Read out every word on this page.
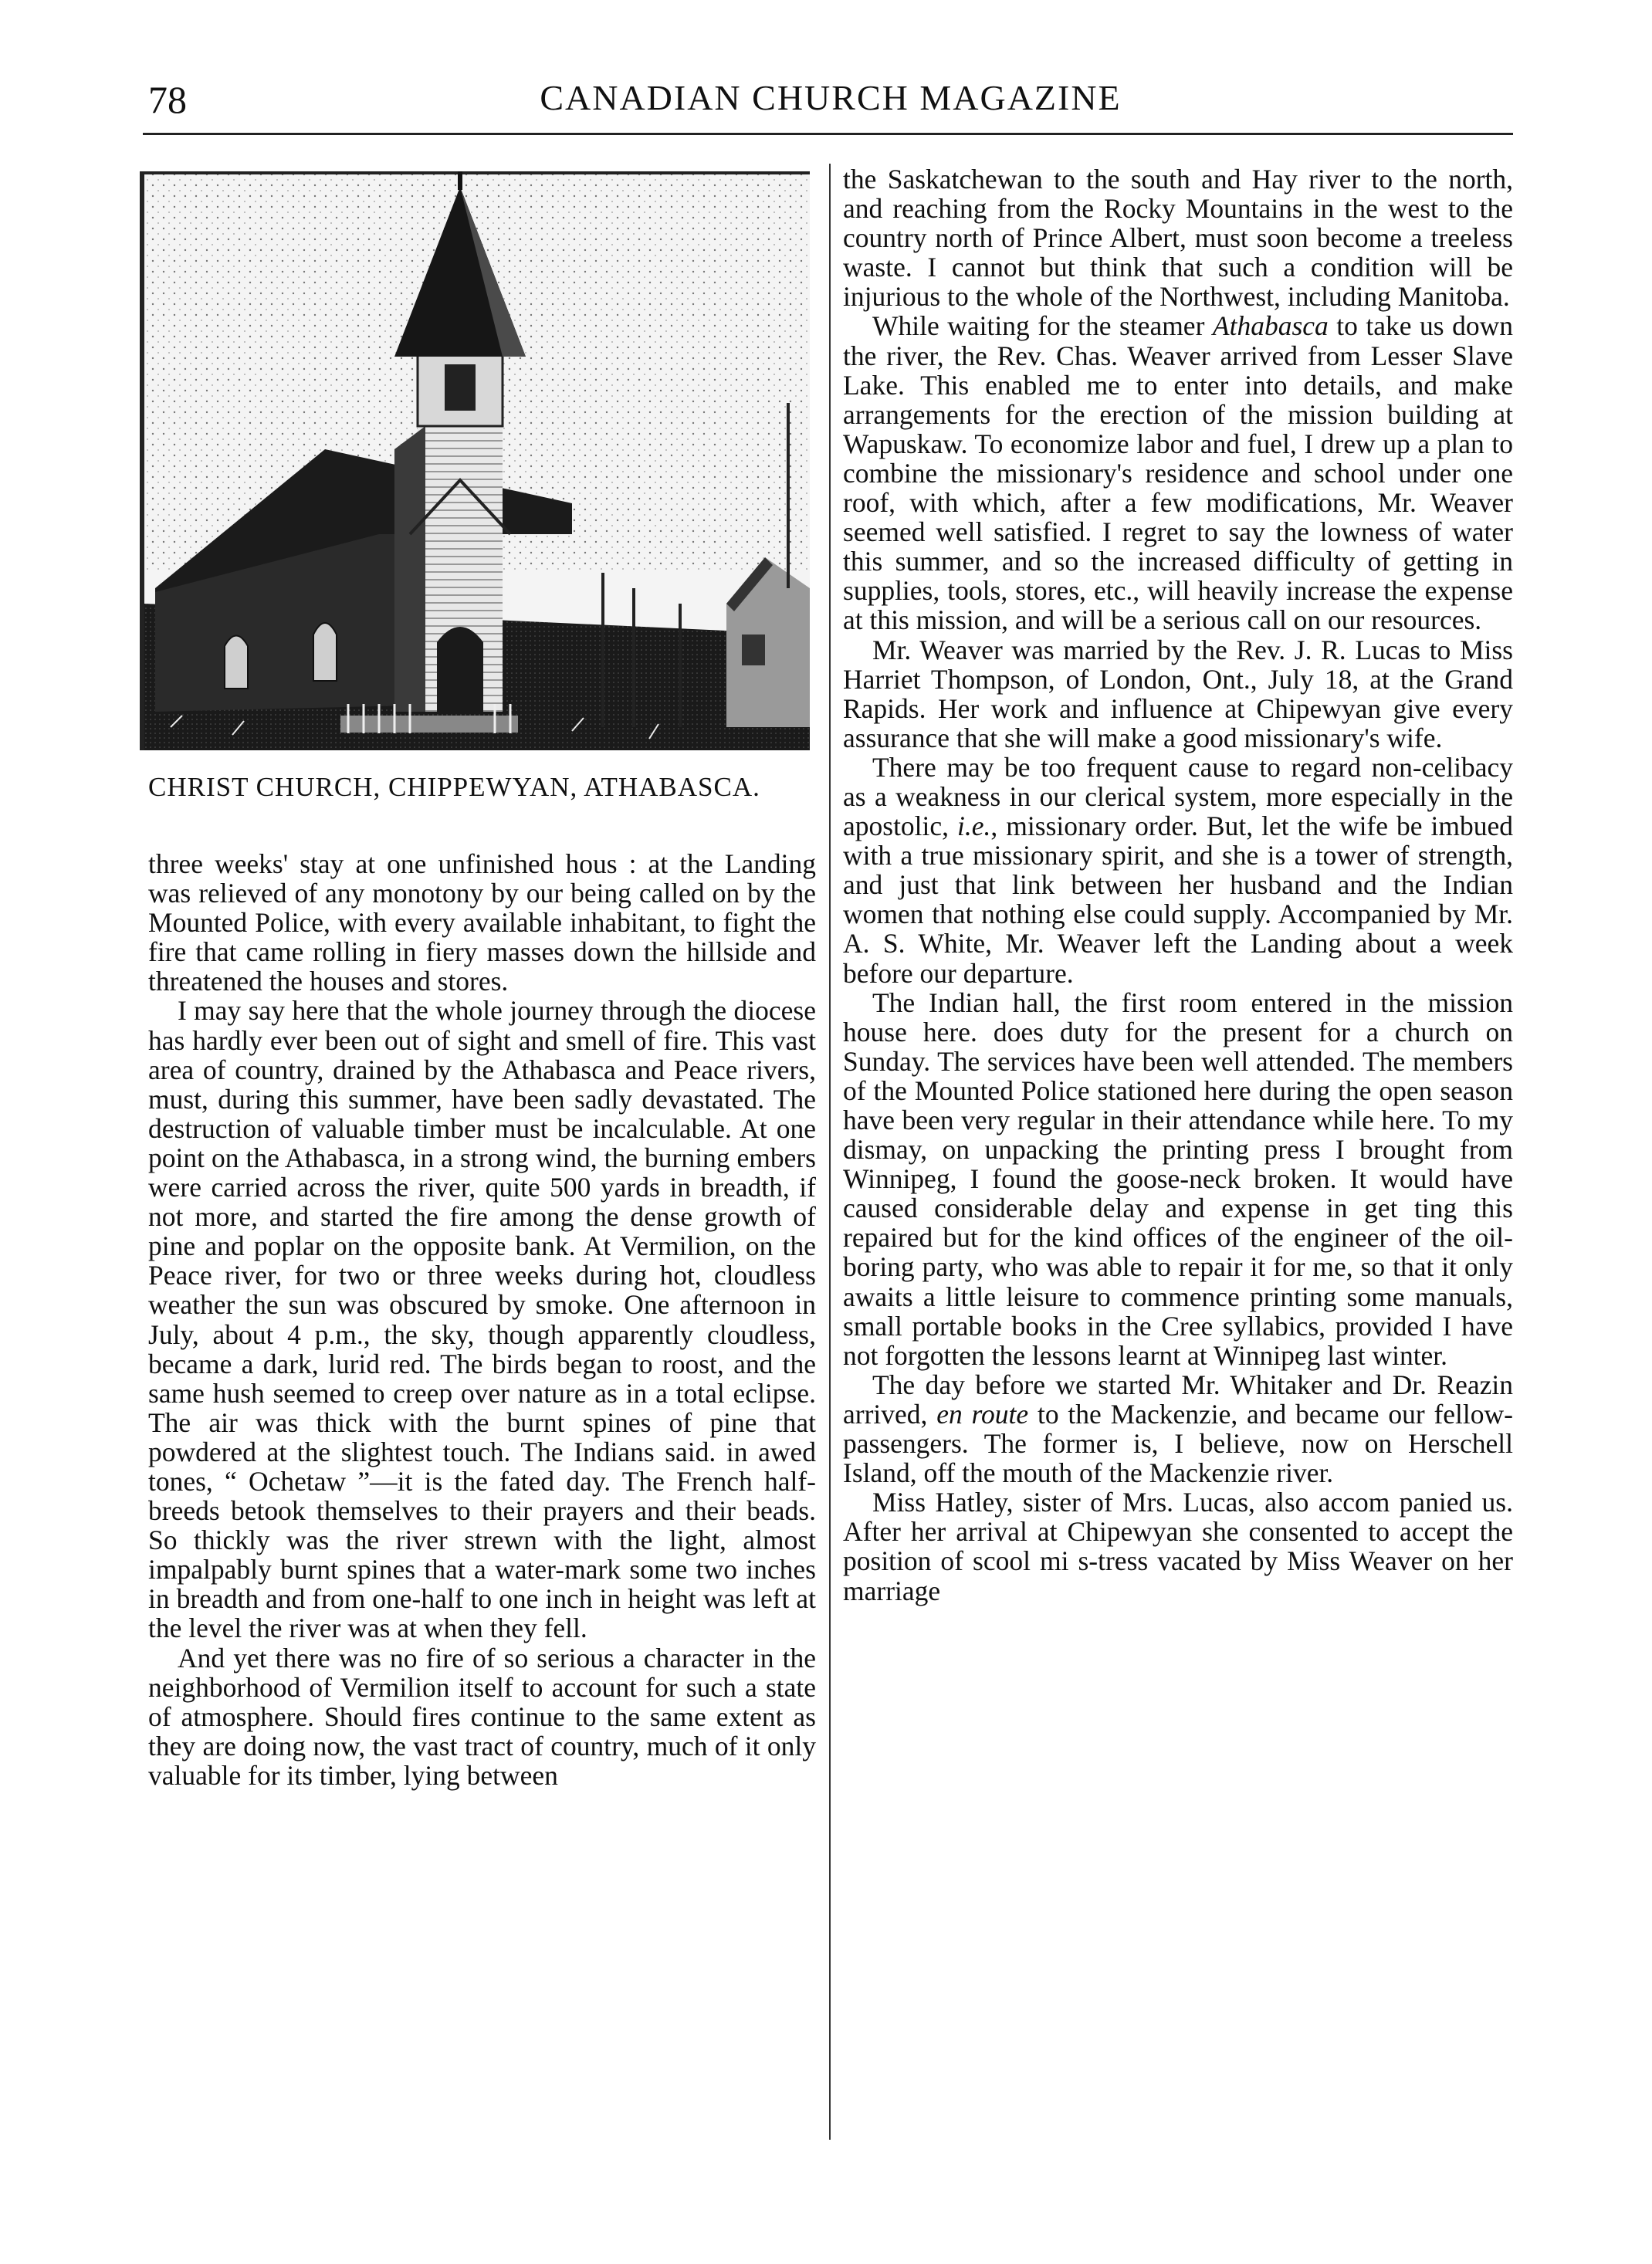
78	CANADIAN CHURCH MAGAZINE
CHRIST CHURCH, CHIPPEWYAN, ATHABASCA.

three weeks' stay at one unfinished hous : at the Landing was relieved of any monotony by our being called on by the Mounted Police, with every available inhabitant, to fight the fire that came rolling in fiery masses down the hillside and threatened the houses and stores.

I may say here that the whole journey through the diocese has hardly ever been out of sight and smell of fire. This vast area of country, drained by the Athabasca and Peace rivers, must, during this summer, have been sadly devastated. The destruction of valuable timber must be incalculable. At one point on the Athabasca, in a strong wind, the burning embers were carried across the river, quite 500 yards in breadth, if not more, and started the fire among the dense growth of pine and poplar on the opposite bank. At Vermilion, on the Peace river, for two or three weeks during hot, cloudless weather the sun was obscured by smoke. One afternoon in July, about 4 p.m., the sky, though apparently cloudless, became a dark, lurid red. The birds began to roost, and the same hush seemed to creep over nature as in a total eclipse. The air was thick with the burnt spines of pine that powdered at the slightest touch. The Indians said. in awed tones, “ Ochetaw ”—it is the fated day. The French half-breeds betook themselves to their prayers and their beads. So thickly was the river strewn with the light, almost impalpably burnt spines that a water-mark some two inches in breadth and from one-half to one inch in height was left at the level the river was at when they fell.

And yet there was no fire of so serious a character in the neighborhood of Vermilion itself to account for such a state of atmosphere. Should fires continue to the same extent as they are doing now, the vast tract of country, much of it only valuable for its timber, lying between

the Saskatchewan to the south and Hay river to the north, and reaching from the Rocky Mountains in the west to the country north of Prince Albert, must soon become a treeless waste. I cannot but think that such a condition will be injurious to the whole of the Northwest, including Manitoba.

While waiting for the steamer Athabasca to take us down the river, the Rev. Chas. Weaver arrived from Lesser Slave Lake. This enabled me to enter into details, and make arrangements for the erection of the mission building at Wapuskaw. To economize labor and fuel, I drew up a plan to combine the missionary's residence and school under one roof, with which, after a few modifications, Mr. Weaver seemed well satisfied. I regret to say the lowness of water this summer, and so the increased difficulty of getting in supplies, tools, stores, etc., will heavily increase the expense at this mission, and will be a serious call on our resources.

Mr. Weaver was married by the Rev. J. R. Lucas to Miss Harriet Thompson, of London, Ont., July 18, at the Grand Rapids. Her work and influence at Chipewyan give every assurance that she will make a good missionary's wife.

There may be too frequent cause to regard non-celibacy as a weakness in our clerical system, more especially in the apostolic, i.e., missionary order. But, let the wife be imbued with a true missionary spirit, and she is a tower of strength, and just that link between her husband and the Indian women that nothing else could supply. Accompanied by Mr. A. S. White, Mr. Weaver left the Landing about a week before our departure.

The Indian hall, the first room entered in the mission house here. does duty for the present for a church on Sunday. The services have been well attended. The members of the Mounted Police stationed here during the open season have been very regular in their attendance while here. To my dismay, on unpacking the printing press I brought from Winnipeg, I found the goose-neck broken. It would have caused considerable delay and expense in get ting this repaired but for the kind offices of the engineer of the oil-boring party, who was able to repair it for me, so that it only awaits a little leisure to commence printing some manuals, small portable books in the Cree syllabics, provided I have not forgotten the lessons learnt at Winnipeg last winter.

The day before we started Mr. Whitaker and Dr. Reazin arrived, en route to the Mackenzie, and became our fellow-passengers. The former is, I believe, now on Herschell Island, off the mouth of the Mackenzie river.

Miss Hatley, sister of Mrs. Lucas, also accom panied us. After her arrival at Chipewyan she consented to accept the position of scool mi s-tress vacated by Miss Weaver on her marriage
